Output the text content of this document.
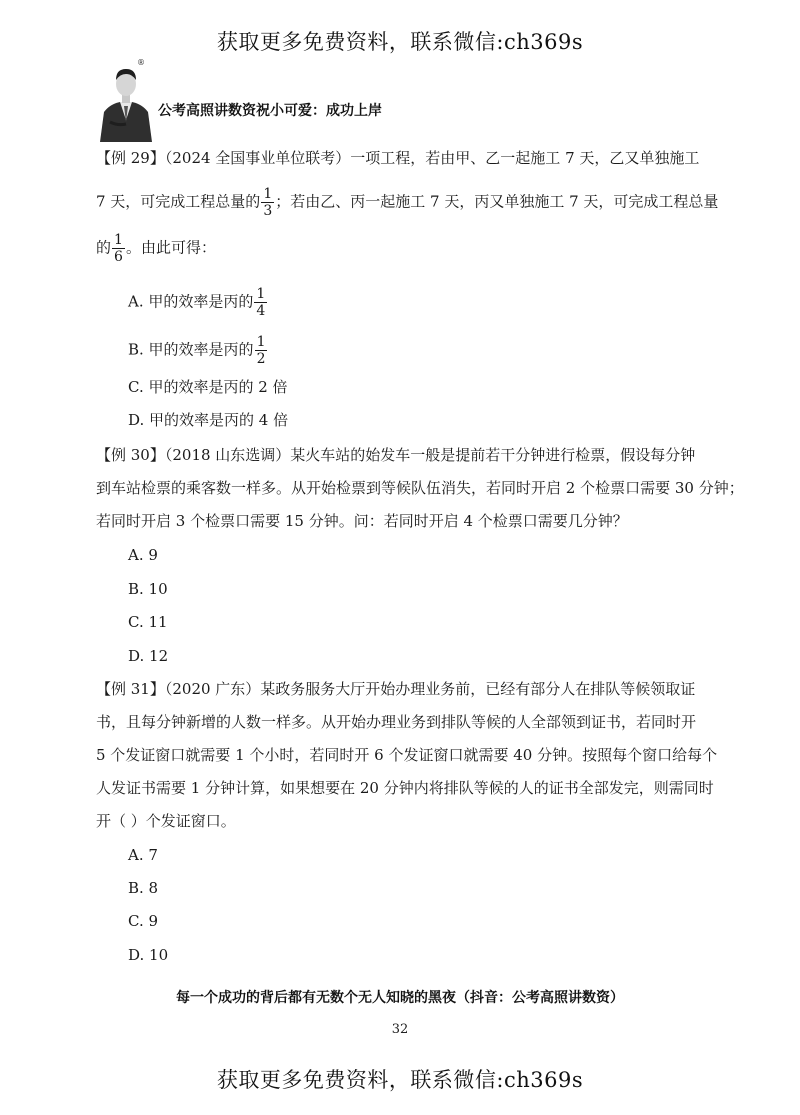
获取更多免费资料，联系微信:ch369s
®
公考高照讲数资祝小可爱：成功上岸
【例 29】（2024 全国事业单位联考）一项工程，若由甲、乙一起施工 7 天，乙又单独施工
7 天，可完成工程总量的 $\frac{1}{3}$ ；若由乙、丙一起施工 7 天，丙又单独施工 7 天，可完成工程总量
的 $\frac{1}{6}$ 。由此可得：
A. 甲的效率是丙的 $\frac{1}{4}$
B. 甲的效率是丙的 $\frac{1}{2}$
C. 甲的效率是丙的 2 倍
D. 甲的效率是丙的 4 倍
【例 30】（2018 山东选调）某火车站的始发车一般是提前若干分钟进行检票，假设每分钟
到车站检票的乘客数一样多。从开始检票到等候队伍消失，若同时开启 2 个检票口需要 30 分钟；
若同时开启 3 个检票口需要 15 分钟。问：若同时开启 4 个检票口需要几分钟？
A. 9
B. 10
C. 11
D. 12
【例 31】（2020 广东）某政务服务大厅开始办理业务前，已经有部分人在排队等候领取证
书，且每分钟新增的人数一样多。从开始办理业务到排队等候的人全部领到证书，若同时开
5 个发证窗口就需要 1 个小时，若同时开 6 个发证窗口就需要 40 分钟。按照每个窗口给每个
人发证书需要 1 分钟计算，如果想要在 20 分钟内将排队等候的人的证书全部发完，则需同时
开（ ）个发证窗口。
A. 7
B. 8
C. 9
D. 10
每一个成功的背后都有无数个无人知晓的黑夜（抖音：公考高照讲数资）
32
获取更多免费资料，联系微信:ch369s
